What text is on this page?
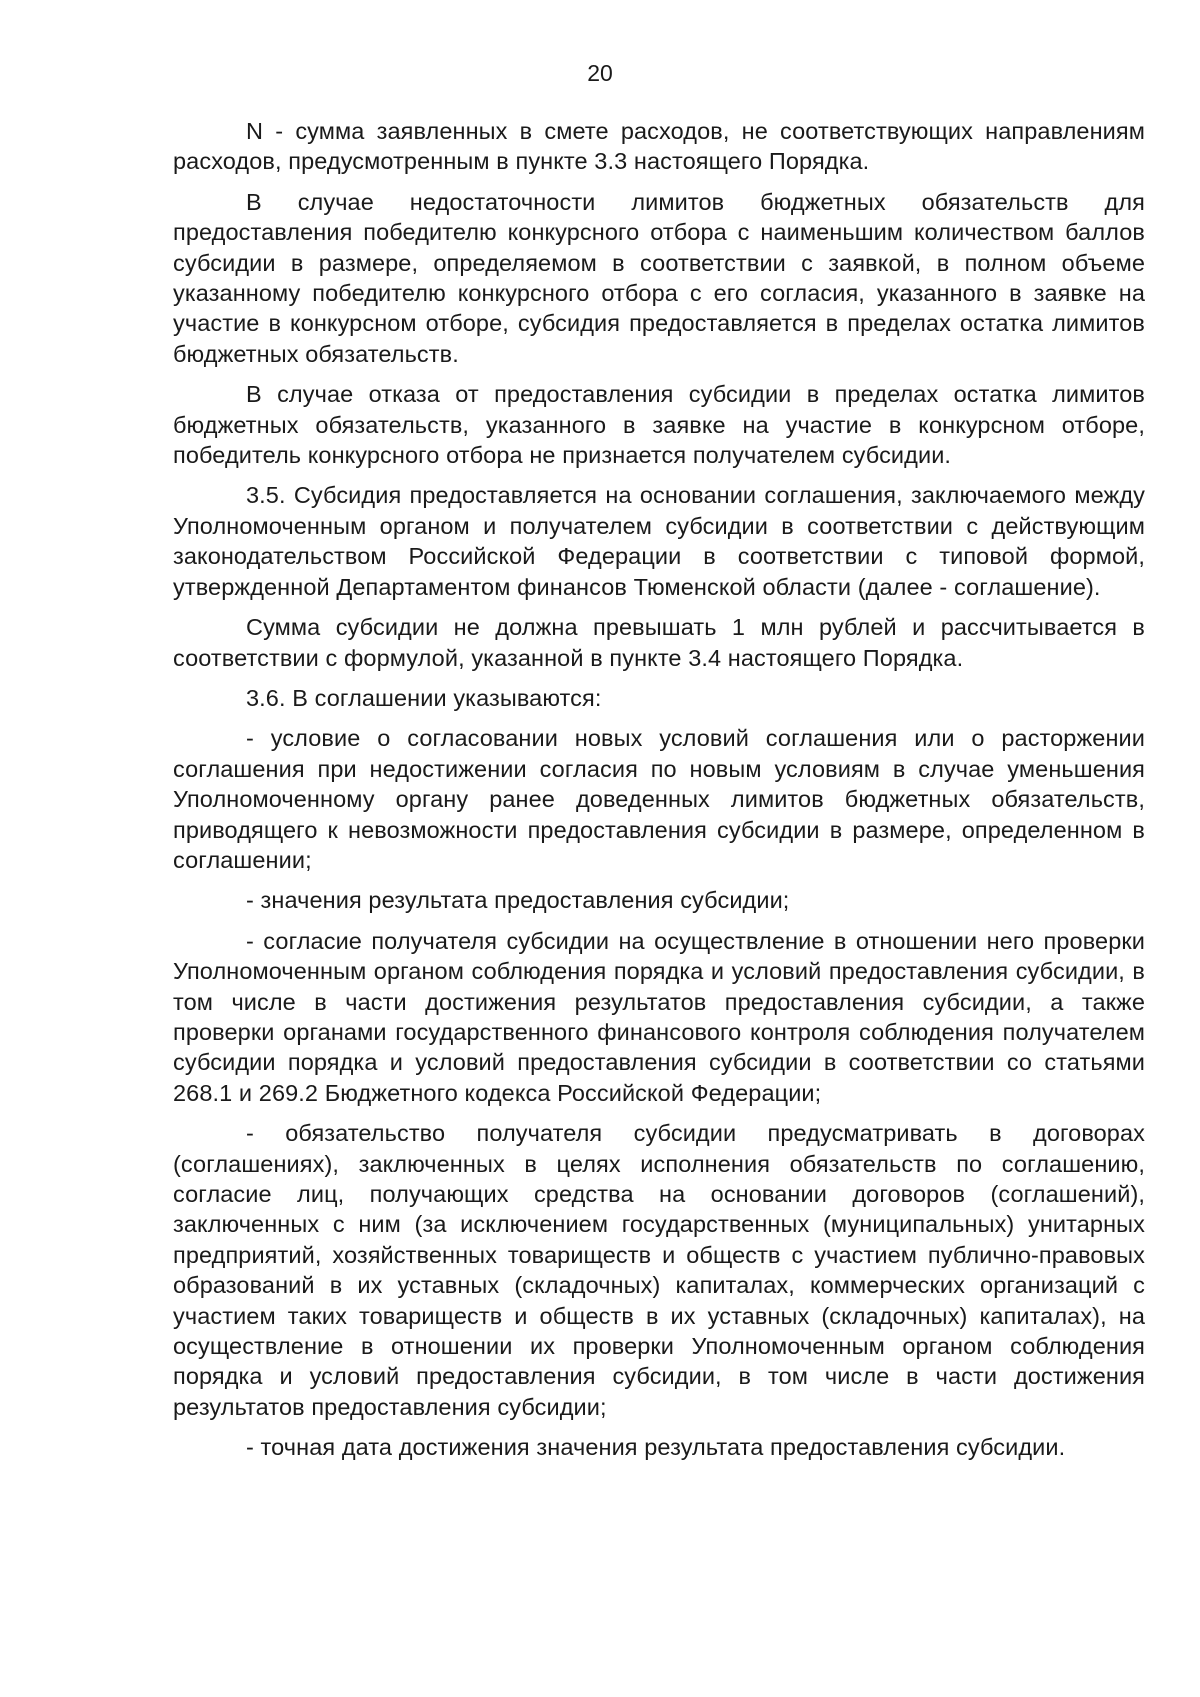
20

N - сумма заявленных в смете расходов, не соответствующих направлениям расходов, предусмотренным в пункте 3.3 настоящего Порядка.

В случае недостаточности лимитов бюджетных обязательств для предоставления победителю конкурсного отбора с наименьшим количеством баллов субсидии в размере, определяемом в соответствии с заявкой, в полном объеме указанному победителю конкурсного отбора с его согласия, указанного в заявке на участие в конкурсном отборе, субсидия предоставляется в пределах остатка лимитов бюджетных обязательств.

В случае отказа от предоставления субсидии в пределах остатка лимитов бюджетных обязательств, указанного в заявке на участие в конкурсном отборе, победитель конкурсного отбора не признается получателем субсидии.

3.5. Субсидия предоставляется на основании соглашения, заключаемого между Уполномоченным органом и получателем субсидии в соответствии с действующим законодательством Российской Федерации в соответствии с типовой формой, утвержденной Департаментом финансов Тюменской области (далее - соглашение).

Сумма субсидии не должна превышать 1 млн рублей и рассчитывается в соответствии с формулой, указанной в пункте 3.4 настоящего Порядка.

3.6. В соглашении указываются:

- условие о согласовании новых условий соглашения или о расторжении соглашения при недостижении согласия по новым условиям в случае уменьшения Уполномоченному органу ранее доведенных лимитов бюджетных обязательств, приводящего к невозможности предоставления субсидии в размере, определенном в соглашении;

- значения результата предоставления субсидии;

- согласие получателя субсидии на осуществление в отношении него проверки Уполномоченным органом соблюдения порядка и условий предоставления субсидии, в том числе в части достижения результатов предоставления субсидии, а также проверки органами государственного финансового контроля соблюдения получателем субсидии порядка и условий предоставления субсидии в соответствии со статьями 268.1 и 269.2 Бюджетного кодекса Российской Федерации;

- обязательство получателя субсидии предусматривать в договорах (соглашениях), заключенных в целях исполнения обязательств по соглашению, согласие лиц, получающих средства на основании договоров (соглашений), заключенных с ним (за исключением государственных (муниципальных) унитарных предприятий, хозяйственных товариществ и обществ с участием публично-правовых образований в их уставных (складочных) капиталах, коммерческих организаций с участием таких товариществ и обществ в их уставных (складочных) капиталах), на осуществление в отношении их проверки Уполномоченным органом соблюдения порядка и условий предоставления субсидии, в том числе в части достижения результатов предоставления субсидии;

- точная дата достижения значения результата предоставления субсидии.
